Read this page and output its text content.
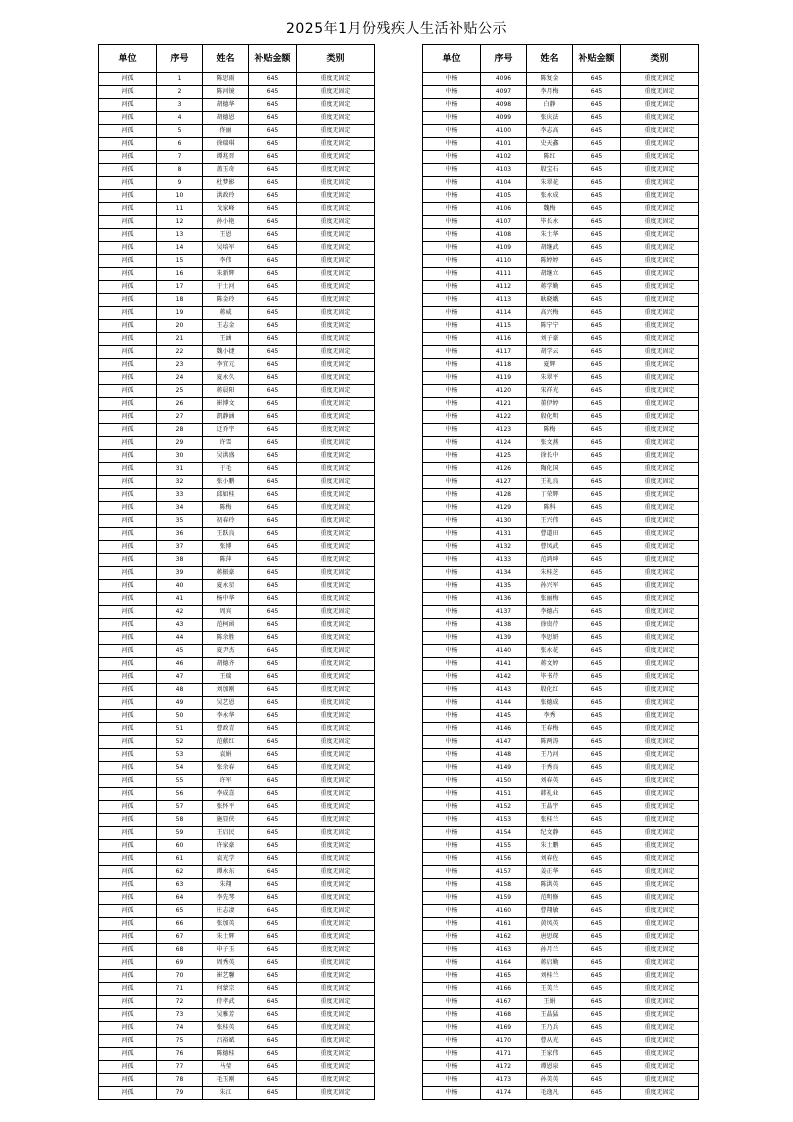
2025年1月份残疾人生活补贴公示
单位	序号	姓名	补贴金额	类别
河孤	1	陈思雨	645	重度无固定
河孤	2	陈河镜	645	重度无固定
河孤	3	胡德华	645	重度无固定
河孤	4	胡德恩	645	重度无固定
河孤	5	佟丽	645	重度无固定
河孤	6	徐瑞琪	645	重度无固定
河孤	7	谭兆晋	645	重度无固定
河孤	8	盖玉奇	645	重度无固定
河孤	9	杜梦影	645	重度无固定
河孤	10	洪政玲	645	重度无固定
河孤	11	戈家峰	645	重度无固定
河孤	12	孙小艳	645	重度无固定
河孤	13	王恩	645	重度无固定
河孤	14	吴培军	645	重度无固定
河孤	15	李伟	645	重度无固定
河孤	16	朱新辉	645	重度无固定
河孤	17	于士河	645	重度无固定
河孤	18	陈金玲	645	重度无固定
河孤	19	蒋威	645	重度无固定
河孤	20	王志金	645	重度无固定
河孤	21	王涵	645	重度无固定
河孤	22	魏小捷	645	重度无固定
河孤	23	李宜元	645	重度无固定
河孤	24	夏永久	645	重度无固定
河孤	25	蒋晨阳	645	重度无固定
河孤	26	崔博文	645	重度无固定
河孤	27	凯静涵	645	重度无固定
河孤	28	迁乔宇	645	重度无固定
河孤	29	许雪	645	重度无固定
河孤	30	吴洪盛	645	重度无固定
河孤	31	于毛	645	重度无固定
河孤	32	张小鹏	645	重度无固定
河孤	33	邱如桂	645	重度无固定
河孤	34	陈梅	645	重度无固定
河孤	35	初春玲	645	重度无固定
河孤	36	王跃良	645	重度无固定
河孤	37	张博	645	重度无固定
河孤	38	陈萍	645	重度无固定
河孤	39	蒋振豪	645	重度无固定
河孤	40	夏永星	645	重度无固定
河孤	41	杨中华	645	重度无固定
河孤	42	周宾	645	重度无固定
河孤	43	范柯函	645	重度无固定
河孤	44	陈余胜	645	重度无固定
河孤	45	夏尹杰	645	重度无固定
河孤	46	胡德齐	645	重度无固定
河孤	47	王瑞	645	重度无固定
河孤	48	刘加刚	645	重度无固定
河孤	49	吴艺恩	645	重度无固定
河孤	50	李永华	645	重度无固定
河孤	51	曹政青	645	重度无固定
河孤	52	范献红	645	重度无固定
河孤	53	袁娟	645	重度无固定
河孤	54	张余春	645	重度无固定
河孤	55	许军	645	重度无固定
河孤	56	李成喜	645	重度无固定
河孤	57	张怀平	645	重度无固定
河孤	58	施显侠	645	重度无固定
河孤	59	王启民	645	重度无固定
河孤	60	许家豪	645	重度无固定
河孤	61	袁光学	645	重度无固定
河孤	62	谭永东	645	重度无固定
河孤	63	朱翔	645	重度无固定
河孤	64	李先琴	645	重度无固定
河孤	65	庄志凄	645	重度无固定
河孤	66	张加英	645	重度无固定
河孤	67	朱士辉	645	重度无固定
河孤	68	申子玉	645	重度无固定
河孤	69	周秀英	645	重度无固定
河孤	70	崔艺馨	645	重度无固定
河孤	71	何蒙宗	645	重度无固定
河孤	72	侍孝武	645	重度无固定
河孤	73	吴雅芳	645	重度无固定
河孤	74	张桂英	645	重度无固定
河孤	75	吕裕斌	645	重度无固定
河孤	76	陈德桂	645	重度无固定
河孤	77	马莹	645	重度无固定
河孤	78	毛玉刚	645	重度无固定
河孤	79	朱江	645	重度无固定
单位	序号	姓名	补贴金额	类别
中杨	4096	陈复金	645	重度无固定
中杨	4097	李月梅	645	重度无固定
中杨	4098	白静	645	重度无固定
中杨	4099	张庆法	645	重度无固定
中杨	4100	李志高	645	重度无固定
中杨	4101	史天鑫	645	重度无固定
中杨	4102	陈红	645	重度无固定
中杨	4103	殷宝石	645	重度无固定
中杨	4104	朱翠花	645	重度无固定
中杨	4105	张永成	645	重度无固定
中杨	4106	魏梅	645	重度无固定
中杨	4107	毕长永	645	重度无固定
中杨	4108	朱士华	645	重度无固定
中杨	4109	胡继武	645	重度无固定
中杨	4110	陈婷婷	645	重度无固定
中杨	4111	胡继立	645	重度无固定
中杨	4112	蒋学勤	645	重度无固定
中杨	4113	耿晓娥	645	重度无固定
中杨	4114	高兴梅	645	重度无固定
中杨	4115	陈宁宁	645	重度无固定
中杨	4116	刘子豪	645	重度无固定
中杨	4117	胡学云	645	重度无固定
中杨	4118	夏辉	645	重度无固定
中杨	4119	朱翠平	645	重度无固定
中杨	4120	宋祥光	645	重度无固定
中杨	4121	董伊婷	645	重度无固定
中杨	4122	殷化明	645	重度无固定
中杨	4123	陈梅	645	重度无固定
中杨	4124	张文燕	645	重度无固定
中杨	4125	徐长中	645	重度无固定
中杨	4126	陶化国	645	重度无固定
中杨	4127	王礼良	645	重度无固定
中杨	4128	丁荣辉	645	重度无固定
中杨	4129	陈科	645	重度无固定
中杨	4130	王兴伟	645	重度无固定
中杨	4131	曹道田	645	重度无固定
中杨	4132	曹凤武	645	重度无固定
中杨	4133	范鸿坤	645	重度无固定
中杨	4134	朱桂芝	645	重度无固定
中杨	4135	孙兴军	645	重度无固定
中杨	4136	张丽梅	645	重度无固定
中杨	4137	李德占	645	重度无固定
中杨	4138	徐贵芹	645	重度无固定
中杨	4139	李思妍	645	重度无固定
中杨	4140	张永花	645	重度无固定
中杨	4141	蒋文婷	645	重度无固定
中杨	4142	毕书芹	645	重度无固定
中杨	4143	殷化红	645	重度无固定
中杨	4144	张德成	645	重度无固定
中杨	4145	李秀	645	重度无固定
中杨	4146	王春梅	645	重度无固定
中杨	4147	陈两涛	645	重度无固定
中杨	4148	王乃河	645	重度无固定
中杨	4149	于秀良	645	重度无固定
中杨	4150	刘春英	645	重度无固定
中杨	4151	韩礼业	645	重度无固定
中杨	4152	王晶宇	645	重度无固定
中杨	4153	张桂兰	645	重度无固定
中杨	4154	纪文静	645	重度无固定
中杨	4155	朱士鹏	645	重度无固定
中杨	4156	刘春佐	645	重度无固定
中杨	4157	姜正华	645	重度无固定
中杨	4158	陈洪英	645	重度无固定
中杨	4159	范明修	645	重度无固定
中杨	4160	曹翔敏	645	重度无固定
中杨	4161	黄凤英	645	重度无固定
中杨	4162	唐思琛	645	重度无固定
中杨	4163	孙月兰	645	重度无固定
中杨	4164	蒋启勤	645	重度无固定
中杨	4165	刘桂兰	645	重度无固定
中杨	4166	王美兰	645	重度无固定
中杨	4167	王娟	645	重度无固定
中杨	4168	王晶猛	645	重度无固定
中杨	4169	王乃兵	645	重度无固定
中杨	4170	曹从光	645	重度无固定
中杨	4171	王家伟	645	重度无固定
中杨	4172	谭恩泉	645	重度无固定
中杨	4173	孙美英	645	重度无固定
中杨	4174	毛逸凡	645	重度无固定
